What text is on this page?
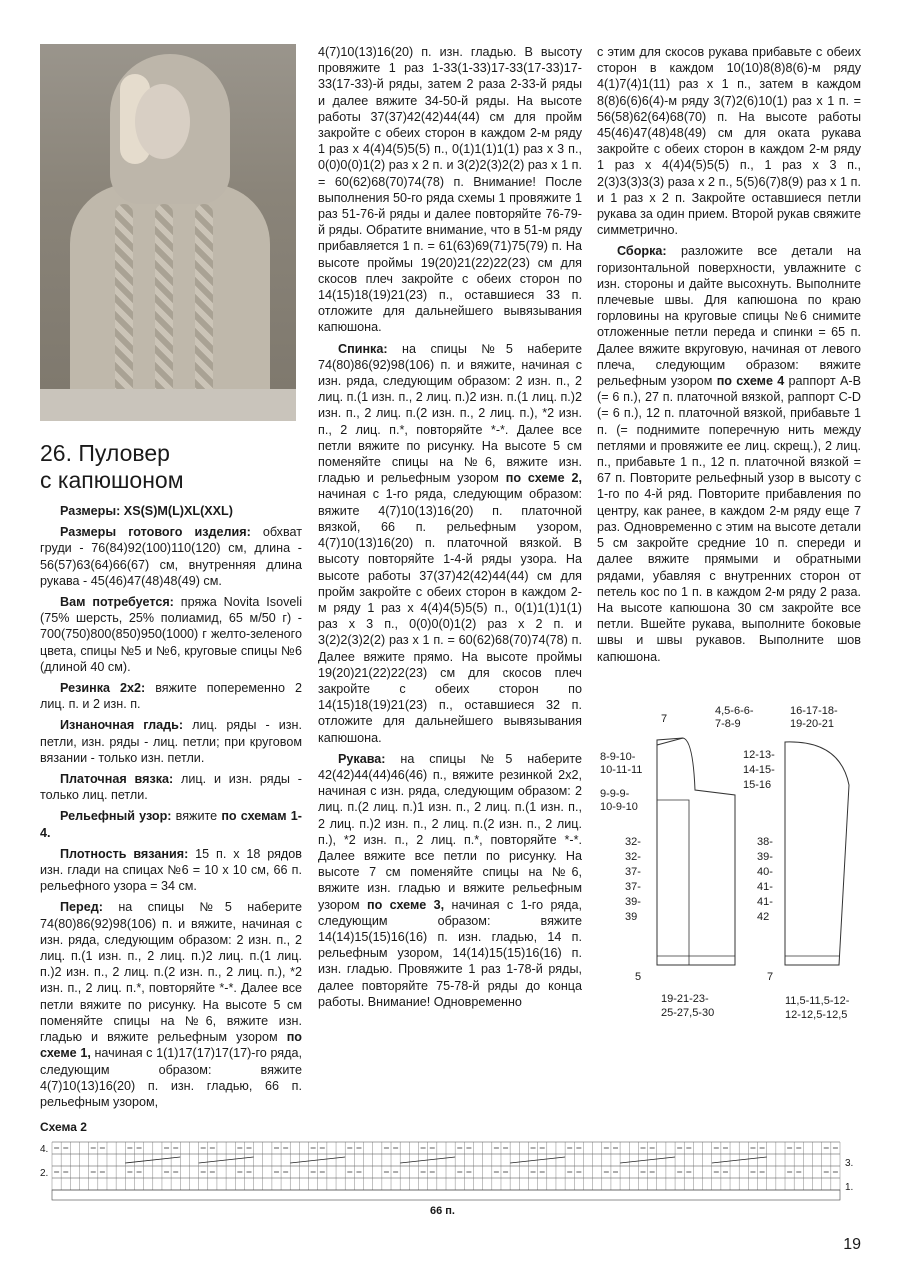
26. Пуловер
с капюшоном

Размеры: XS(S)M(L)XL(XXL)

Размеры готового изделия: обхват груди - 76(84)92(100)110(120) см, длина - 56(57)63(64)66(67) см, внутренняя длина рукава - 45(46)47(48)48(49) см.

Вам потребуется: пряжа Novita Isoveli (75% шерсть, 25% полиамид, 65 м/50 г) - 700(750)800(850)950(1000) г желто-зеленого цвета, спицы №5 и №6, круговые спицы №6 (длиной 40 см).

Резинка 2х2: вяжите попеременно 2 лиц. п. и 2 изн. п.

Изнаночная гладь: лиц. ряды - изн. петли, изн. ряды - лиц. петли; при круговом вязании - только изн. петли.

Платочная вязка: лиц. и изн. ряды - только лиц. петли.

Рельефный узор: вяжите по схемам 1-4.

Плотность вязания: 15 п. х 18 рядов изн. глади на спицах №6 = 10 х 10 см, 66 п. рельефного узора = 34 см.

Перед: на спицы №5 наберите 74(80)86(92)98(106) п. и вяжите, начиная с изн. ряда, следующим образом: 2 изн. п., 2 лиц. п.(1 изн. п., 2 лиц. п.)2 лиц. п.(1 лиц. п.)2 изн. п., 2 лиц. п.(2 изн. п., 2 лиц. п.), *2 изн. п., 2 лиц. п.*, повторяйте *-*. Далее все петли вяжите по рисунку. На высоте 5 см поменяйте спицы на №6, вяжите изн. гладью и вяжите рельефным узором по схеме 1, начиная с 1(1)17(17)17(17)-го ряда, следующим образом: вяжите 4(7)10(13)16(20) п. изн. гладью, 66 п. рельефным узором,

4(7)10(13)16(20) п. изн. гладью. В высоту провяжите 1 раз 1-33(1-33)17-33(17-33)17-33(17-33)-й ряды, затем 2 раза 2-33-й ряды и далее вяжите 34-50-й ряды. На высоте работы 37(37)42(42)44(44) см для пройм закройте с обеих сторон в каждом 2-м ряду 1 раз х 4(4)4(5)5(5) п., 0(1)1(1)1(1) раз х 3 п., 0(0)0(0)1(2) раз х 2 п. и 3(2)2(3)2(2) раз х 1 п. = 60(62)68(70)74(78) п. Внимание! После выполнения 50-го ряда схемы 1 провяжите 1 раз 51-76-й ряды и далее повторяйте 76-79-й ряды. Обратите внимание, что в 51-м ряду прибавляется 1 п. = 61(63)69(71)75(79) п. На высоте проймы 19(20)21(22)22(23) см для скосов плеч закройте с обеих сторон по 14(15)18(19)21(23) п., оставшиеся 33 п. отложите для дальнейшего вывязывания капюшона.

Спинка: на спицы №5 наберите 74(80)86(92)98(106) п. и вяжите, начиная с изн. ряда, следующим образом: 2 изн. п., 2 лиц. п.(1 изн. п., 2 лиц. п.)2 изн. п.(1 лиц. п.)2 изн. п., 2 лиц. п.(2 изн. п., 2 лиц. п.), *2 изн. п., 2 лиц. п.*, повторяйте *-*. Далее все петли вяжите по рисунку. На высоте 5 см поменяйте спицы на №6, вяжите изн. гладью и рельефным узором по схеме 2, начиная с 1-го ряда, следующим образом: вяжите 4(7)10(13)16(20) п. платочной вязкой, 66 п. рельефным узором, 4(7)10(13)16(20) п. платочной вязкой. В высоту повторяйте 1-4-й ряды узора. На высоте работы 37(37)42(42)44(44) см для пройм закройте с обеих сторон в каждом 2-м ряду 1 раз х 4(4)4(5)5(5) п., 0(1)1(1)1(1) раз х 3 п., 0(0)0(0)1(2) раз х 2 п. и 3(2)2(3)2(2) раз х 1 п. = 60(62)68(70)74(78) п. Далее вяжите прямо. На высоте проймы 19(20)21(22)22(23) см для скосов плеч закройте с обеих сторон по 14(15)18(19)21(23) п., оставшиеся 32 п. отложите для дальнейшего вывязывания капюшона.

Рукава: на спицы №5 наберите 42(42)44(44)46(46) п., вяжите резинкой 2х2, начиная с изн. ряда, следующим образом: 2 лиц. п.(2 лиц. п.)1 изн. п., 2 лиц. п.(1 изн. п., 2 лиц. п.)2 изн. п., 2 лиц. п.(2 изн. п., 2 лиц. п.), *2 изн. п., 2 лиц. п.*, повторяйте *-*. Далее вяжите все петли по рисунку. На высоте 7 см поменяйте спицы на №6, вяжите изн. гладью и вяжите рельефным узором по схеме 3, начиная с 1-го ряда, следующим образом: вяжите 14(14)15(15)16(16) п. изн. гладью, 14 п. рельефным узором, 14(14)15(15)16(16) п. изн. гладью. Провяжите 1 раз 1-78-й ряды, далее повторяйте 75-78-й ряды до конца работы. Внимание! Одновременно

с этим для скосов рукава прибавьте с обеих сторон в каждом 10(10)8(8)8(6)-м ряду 4(1)7(4)1(11) раз х 1 п., затем в каждом 8(8)6(6)6(4)-м ряду 3(7)2(6)10(1) раз х 1 п. = 56(58)62(64)68(70) п. На высоте работы 45(46)47(48)48(49) см для оката рукава закройте с обеих сторон в каждом 2-м ряду 1 раз х 4(4)4(5)5(5) п., 1 раз х 3 п., 2(3)3(3)3(3) раза х 2 п., 5(5)6(7)8(9) раз х 1 п. и 1 раз х 2 п. Закройте оставшиеся петли рукава за один прием. Второй рукав свяжите симметрично.

Сборка: разложите все детали на горизонтальной поверхности, увлажните с изн. стороны и дайте высохнуть. Выполните плечевые швы. Для капюшона по краю горловины на круговые спицы №6 снимите отложенные петли переда и спинки = 65 п. Далее вяжите вкруговую, начиная от левого плеча, следующим образом: вяжите рельефным узором по схеме 4 раппорт А-В (= 6 п.), 27 п. платочной вязкой, раппорт С-D (= 6 п.), 12 п. платочной вязкой, прибавьте 1 п. (= поднимите поперечную нить между петлями и провяжите ее лиц. скрещ.), 2 лиц. п., прибавьте 1 п., 12 п. платочной вязкой = 67 п. Повторите рельефный узор в высоту с 1-го по 4-й ряд. Повторите прибавления по центру, как ранее, в каждом 2-м ряду еще 7 раз. Одновременно с этим на высоте детали 5 см закройте средние 10 п. спереди и далее вяжите прямыми и обратными рядами, убавляя с внутренних сторон от петель кос по 1 п. в каждом 2-м ряду 2 раза. На высоте капюшона 30 см закройте все петли. Вшейте рукава, выполните боковые швы и швы рукавов. Выполните шов капюшона.

7
4,5-6-6-
7-8-9
8-9-10-
10-11-11
9-9-9-
10-9-10
32-
32-
37-
37-
39-
39
5
19-21-23-
25-27,5-30
16-17-18-
19-20-21
12-13-
14-15-
15-16
38-
39-
40-
41-
41-
42
7
11,5-11,5-12-
12-12,5-12,5
Схема 2
4.
2.
3.
1.
66 п.
19
